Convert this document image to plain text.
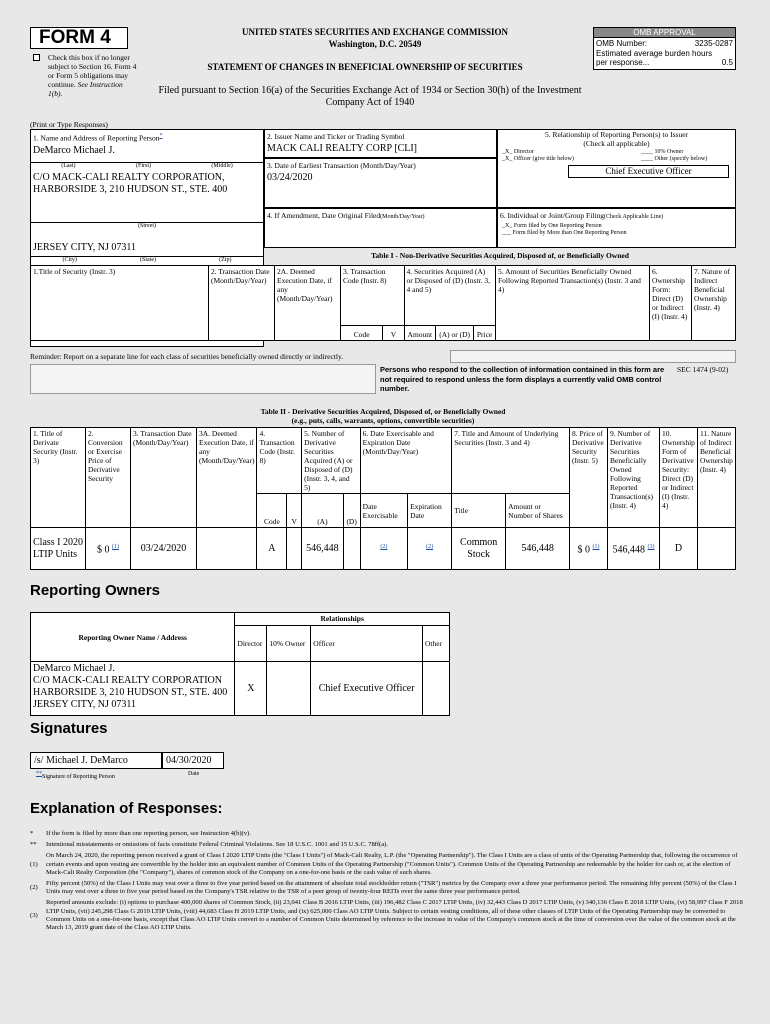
FORM 4
Check this box if no longer subject to Section 16. Form 4 or Form 5 obligations may continue. See Instruction 1(b).
UNITED STATES SECURITIES AND EXCHANGE COMMISSION
Washington, D.C. 20549
STATEMENT OF CHANGES IN BENEFICIAL OWNERSHIP OF SECURITIES
Filed pursuant to Section 16(a) of the Securities Exchange Act of 1934 or Section 30(h) of the Investment Company Act of 1940
OMB APPROVAL
OMB Number:	3235-0287
Estimated average burden hours per response...	0.5
(Print or Type Responses)
1. Name and Address of Reporting Person*
DeMarco Michael J.
(Last)	(First)	(Middle)
C/O MACK-CALI REALTY CORPORATION, HARBORSIDE 3, 210 HUDSON ST., STE. 400
(Street)
JERSEY CITY, NJ 07311
(City)	(State)	(Zip)
2. Issuer Name and Ticker or Trading Symbol
MACK CALI REALTY CORP [CLI]
3. Date of Earliest Transaction (Month/Day/Year)
03/24/2020
4. If Amendment, Date Original Filed(Month/Day/Year)
5. Relationship of Reporting Person(s) to Issuer
(Check all applicable)
_X_ Director	____ 10% Owner
_X_ Officer (give title below)	____ Other (specify below)
Chief Executive Officer
6. Individual or Joint/Group Filing(Check Applicable Line)
_X_ Form filed by One Reporting Person
___ Form filed by More than One Reporting Person
Table I - Non-Derivative Securities Acquired, Disposed of, or Beneficially Owned
1.Title of Security (Instr. 3)	2. Transaction Date (Month/Day/Year)	2A. Deemed Execution Date, if any (Month/Day/Year)	3. Transaction Code (Instr. 8)		4. Securities Acquired (A) or Disposed of (D) (Instr. 3, 4 and 5)			5. Amount of Securities Beneficially Owned Following Reported Transaction(s) (Instr. 3 and 4)	6. Ownership Form: Direct (D) or Indirect (I) (Instr. 4)	7. Nature of Indirect Beneficial Ownership (Instr. 4)
			Code	V	Amount	(A) or (D)	Price			
Reminder: Report on a separate line for each class of securities beneficially owned directly or indirectly.
Persons who respond to the collection of information contained in this form are not required to respond unless the form displays a currently valid OMB control number.
SEC 1474 (9-02)
Table II - Derivative Securities Acquired, Disposed of, or Beneficially Owned
(e.g., puts, calls, warrants, options, convertible securities)
1. Title of Derivate Security (Instr. 3)	2. Conversion or Exercise Price of Derivative Security	3. Transaction Date (Month/Day/Year)	3A. Deemed Execution Date, if any (Month/Day/Year)	4. Transaction Code (Instr. 8)		5. Number of Derivative Securities Acquired (A) or Disposed of (D) (Instr. 3, 4, and 5)		6. Date Exercisable and Expiration Date (Month/Day/Year)		7. Title and Amount of Underlying Securities (Instr. 3 and 4)		8. Price of Derivative Security (Instr. 5)	9. Number of Derivative Securities Beneficially Owned Following Reported Transaction(s) (Instr. 4)	10. Ownership Form of Derivative Security: Direct (D) or Indirect (I) (Instr. 4)	11. Nature of Indirect Beneficial Ownership (Instr. 4)
				Code	V	(A)	(D)	Date Exercisable	Expiration Date	Title	Amount or Number of Shares				
Class I 2020 LTIP Units	$ 0 $^{(1)}$	03/24/2020		A		546,448		$^{(2)}$	$^{(2)}$	Common Stock	546,448	$ 0 $^{(1)}$	546,448 $^{(3)}$	D	
Reporting Owners
Reporting Owner Name / Address	Relationships			
	Director	10% Owner	Officer	Other

DeMarco Michael J.
C/O MACK-CALI REALTY CORPORATION
HARBORSIDE 3, 210 HUDSON ST., STE. 400
JERSEY CITY, NJ 07311	X		Chief Executive Officer	
Signatures
/s/ Michael J. DeMarco	04/30/2020
**Signature of Reporting Person	Date
Explanation of Responses:
*	If the form is filed by more than one reporting person, see Instruction 4(b)(v).
**	Intentional misstatements or omissions of facts constitute Federal Criminal Violations. See 18 U.S.C. 1001 and 15 U.S.C. 78ff(a).
(1)
On March 24, 2020, the reporting person received a grant of Class I 2020 LTIP Units (the "Class I Units") of Mack-Cali Realty, L.P. (the "Operating Partnership"). The Class I Units are a class of units of the Operating Partnership that, following the occurrence of certain events and upon vesting are convertible by the holder into an equivalent number of Common Units of the Operating Partnership ("Common Units"). Common Units of the Operating Partnership are redeemable by the holder for cash or, at the election of Mack-Cali Realty Corporation (the "Company"), shares of common stock of the Company on a one-for-one basis or the cash value of such shares.
(2)
Fifty percent (50%) of the Class I Units may vest over a three to five year period based on the attainment of absolute total stockholder return ("TSR") metrics by the Company over a three year performance period. The remaining fifty percent (50%) of the Class I Units may vest over a three to five year period based on the Company's TSR relative to the TSR of a peer group of twenty-four REITs over the same three year performance period.
(3)
Reported amounts exclude: (i) options to purchase 400,000 shares of Common Stock, (ii) 23,041 Class B 2016 LTIP Units, (iii) 196,482 Class C 2017 LTIP Units, (iv) 32,443 Class D 2017 LTIP Units, (v) 340,136 Class E 2018 LTIP Units, (vi) 58,997 Class F 2018 LTIP Units, (vii) 245,298 Class G 2019 LTIP Units, (viii) 44,683 Class H 2019 LTIP Units, and (ix) 625,000 Class AO LTIP Units. Subject to certain vesting conditions, all of these other classes of LTIP Units of the Operating Partnership may be converted to Common Units on a one-for-one basis, except that Class AO LTIP Units convert to a number of Common Units determined by reference to the increase in value of the Company's common stock at the time of conversion over the value of the common stock at the March 13, 2019 grant date of the Class AO LTIP Units.
